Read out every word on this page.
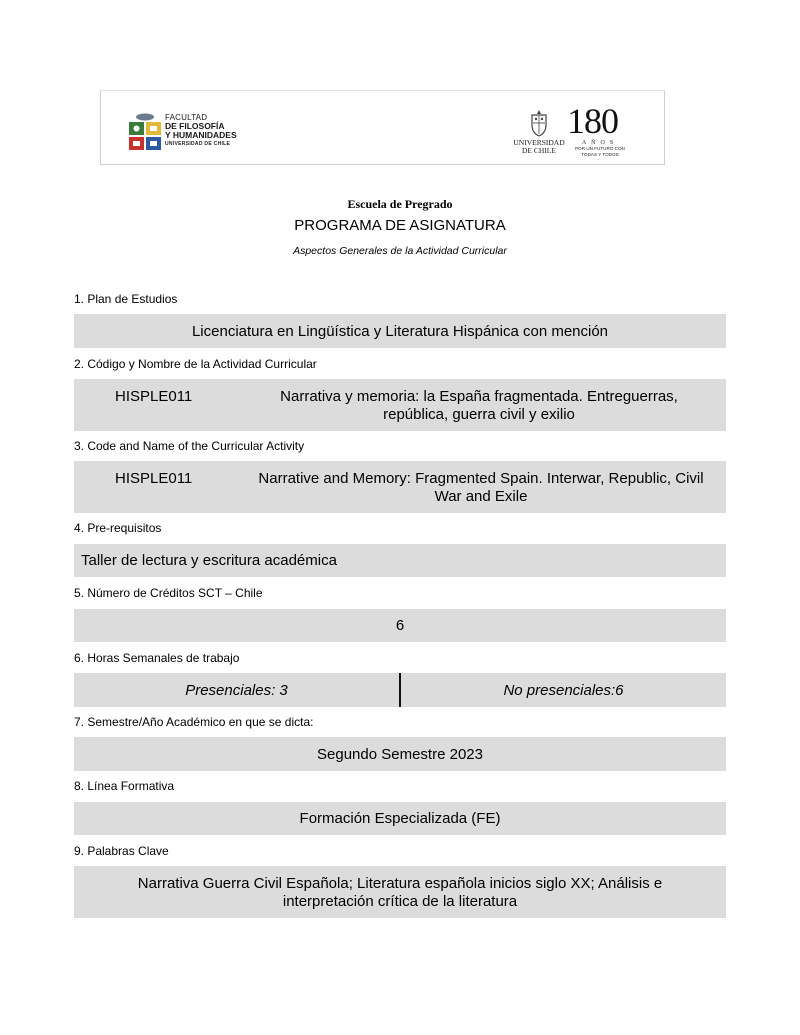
FACULTAD
DE FILOSOFÍA
Y HUMANIDADES
UNIVERSIDAD DE CHILE	UNIVERSIDAD
DE CHILE
180
AÑOS
POR UN FUTURO CON
TODAS Y TODOS
Escuela de Pregrado
PROGRAMA DE ASIGNATURA
Aspectos Generales de la Actividad Curricular
1. Plan de Estudios
Licenciatura en Lingüística y Literatura Hispánica con mención
2. Código y Nombre de la Actividad Curricular
HISPLE011	Narrativa y memoria: la España fragmentada. Entreguerras,
república, guerra civil y exilio
3. Code and Name of the Curricular Activity
HISPLE011	Narrative and Memory: Fragmented Spain. Interwar, Republic, Civil
War and Exile
4. Pre-requisitos
Taller de lectura y escritura académica
5. Número de Créditos SCT – Chile
6
6. Horas Semanales de trabajo
Presenciales: 3	No presenciales:6
7. Semestre/Año Académico en que se dicta:
Segundo Semestre 2023
8. Línea Formativa
Formación Especializada (FE)
9. Palabras Clave
Narrativa Guerra Civil Española; Literatura española inicios siglo XX; Análisis e
interpretación crítica de la literatura
